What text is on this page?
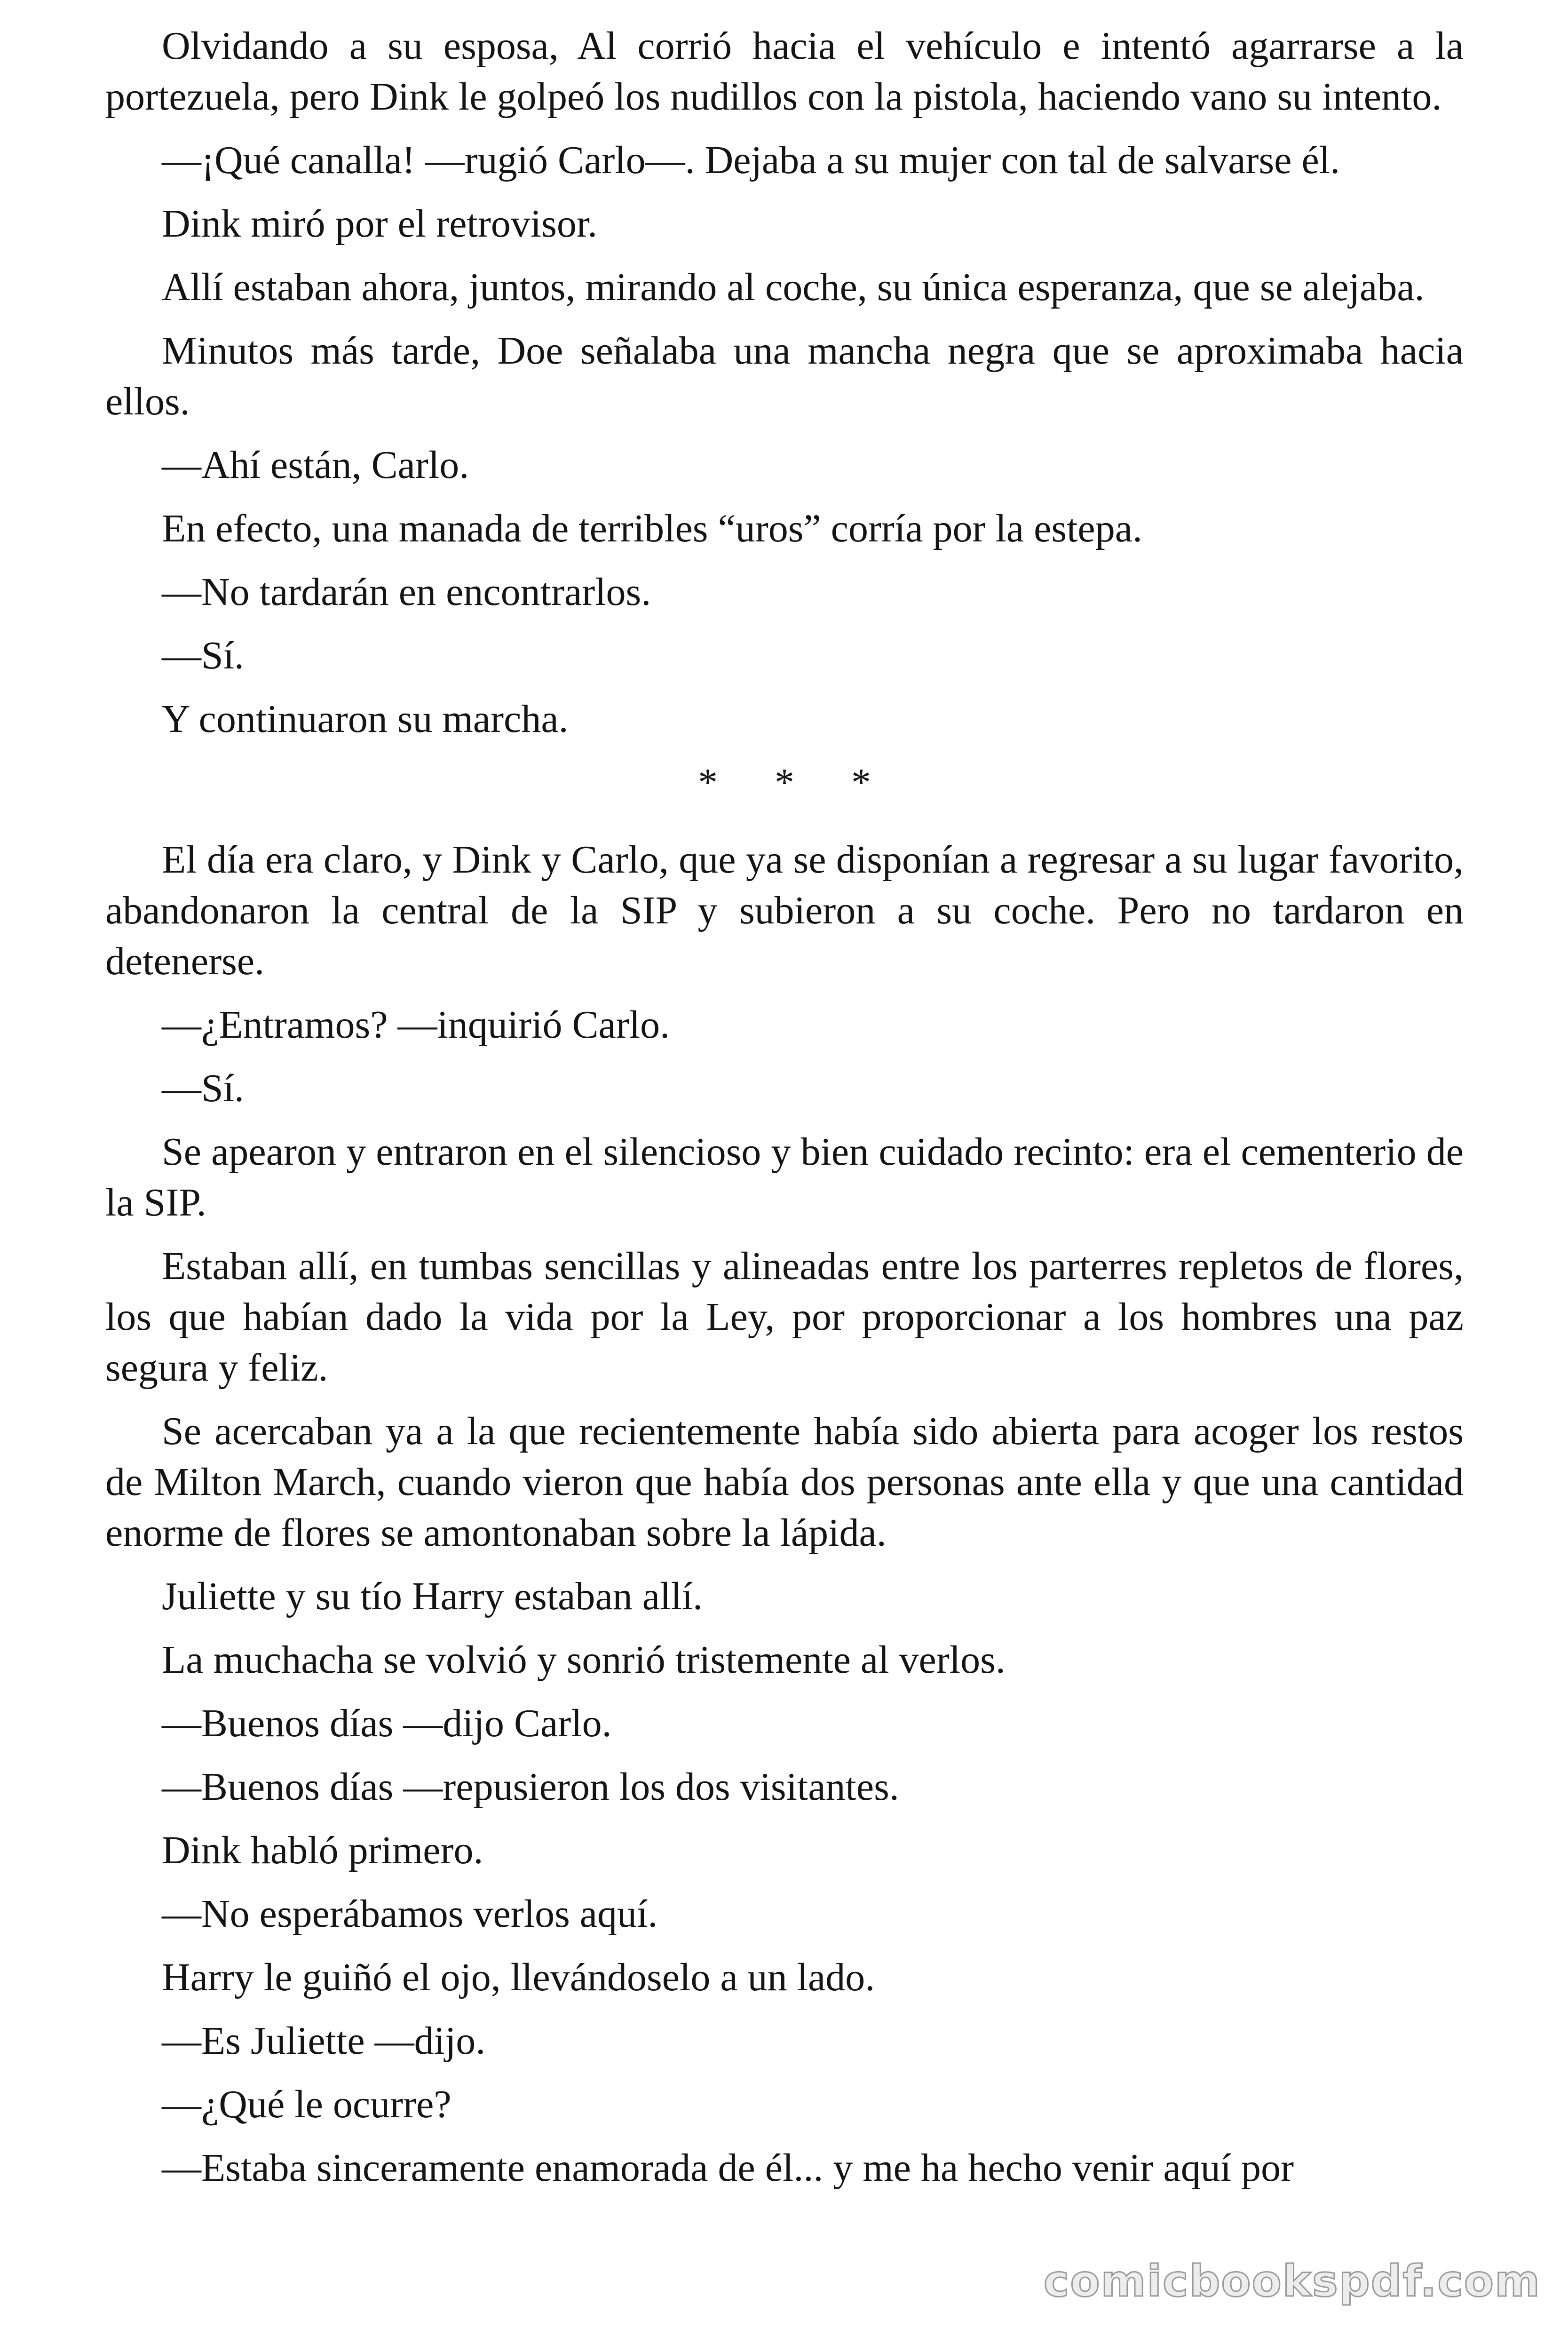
Olvidando a su esposa, Al corrió hacia el vehículo e intentó agarrarse a la portezuela, pero Dink le golpeó los nudillos con la pistola, haciendo vano su intento.

—¡Qué canalla! —rugió Carlo—. Dejaba a su mujer con tal de salvarse él.

Dink miró por el retrovisor.

Allí estaban ahora, juntos, mirando al coche, su única esperanza, que se alejaba.

Minutos más tarde, Doe señalaba una mancha negra que se aproximaba hacia ellos.

—Ahí están, Carlo.

En efecto, una manada de terribles “uros” corría por la estepa.

—No tardarán en encontrarlos.

—Sí.

Y continuaron su marcha.

* * *

El día era claro, y Dink y Carlo, que ya se disponían a regresar a su lugar favorito, abandonaron la central de la SIP y subieron a su coche. Pero no tardaron en detenerse.

—¿Entramos? —inquirió Carlo.

—Sí.

Se apearon y entraron en el silencioso y bien cuidado recinto: era el cementerio de la SIP.

Estaban allí, en tumbas sencillas y alineadas entre los parterres repletos de flores, los que habían dado la vida por la Ley, por proporcionar a los hombres una paz segura y feliz.

Se acercaban ya a la que recientemente había sido abierta para acoger los restos de Milton March, cuando vieron que había dos personas ante ella y que una cantidad enorme de flores se amontonaban sobre la lápida.

Juliette y su tío Harry estaban allí.

La muchacha se volvió y sonrió tristemente al verlos.

—Buenos días —dijo Carlo.

—Buenos días —repusieron los dos visitantes.

Dink habló primero.

—No esperábamos verlos aquí.

Harry le guiñó el ojo, llevándoselo a un lado.

—Es Juliette —dijo.

—¿Qué le ocurre?

—Estaba sinceramente enamorada de él... y me ha hecho venir aquí por

comicbookspdf.com
